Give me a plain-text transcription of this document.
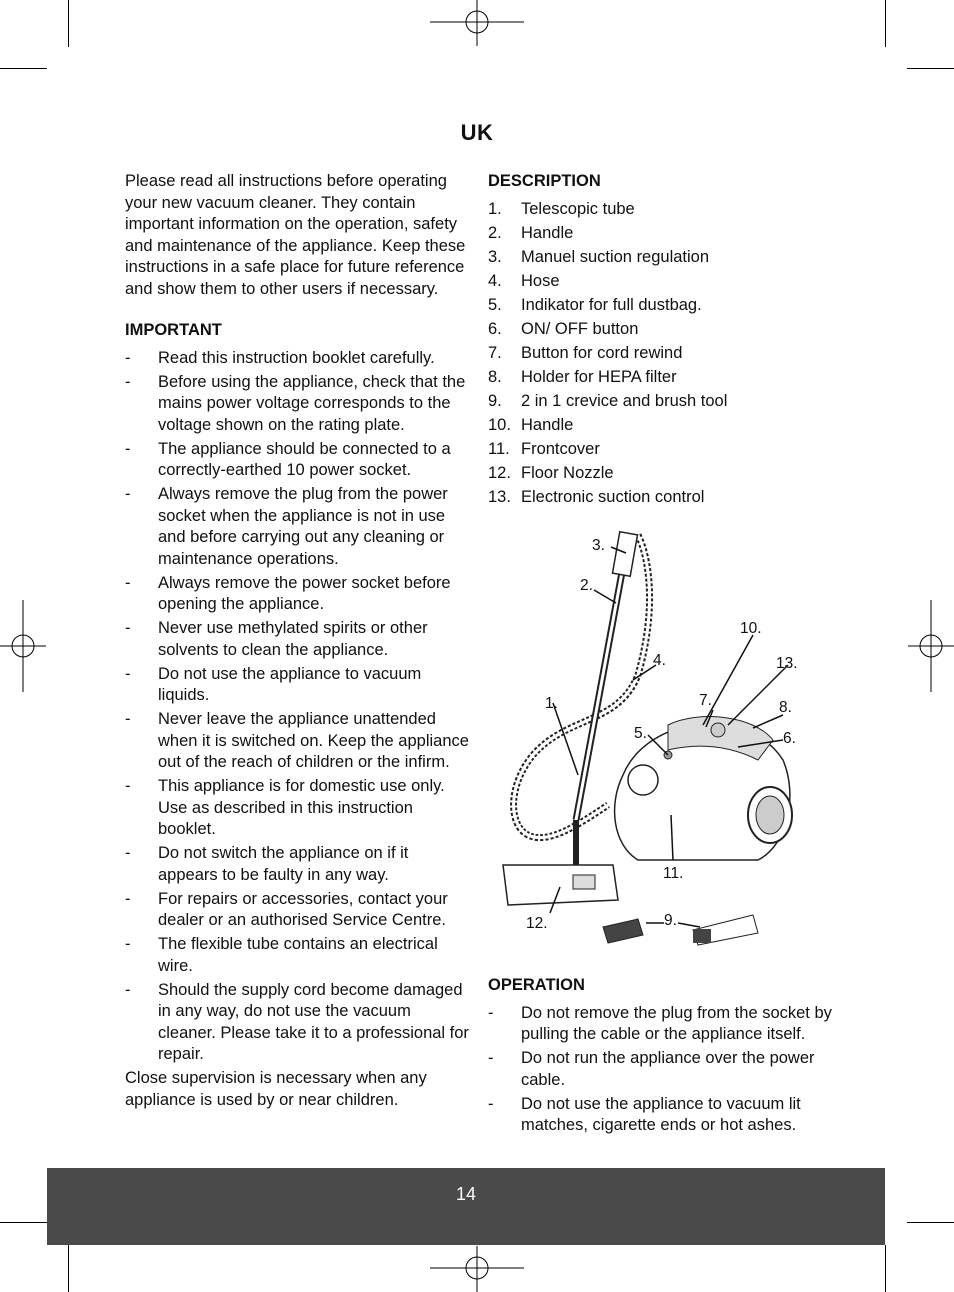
UK

Please read all instructions before operating your new vacuum cleaner. They contain important information on the operation, safety and maintenance of the appliance. Keep these instructions in a safe place for future reference and show them to other users if necessary.

IMPORTANT

- Read this instruction booklet carefully.
- Before using the appliance, check that the mains power voltage corresponds to the voltage shown on the rating plate.
- The appliance should be connected to a correctly-earthed 10 power socket.
- Always remove the plug from the power socket when the appliance is not in use and before carrying out any cleaning or maintenance operations.
- Always remove the power socket before opening the appliance.
- Never use methylated spirits or other solvents to clean the appliance.
- Do not use the appliance to vacuum liquids.
- Never leave the appliance unattended when it is switched on. Keep the appliance out of the reach of children or the infirm.
- This appliance is for domestic use only. Use as described in this instruction booklet.
- Do not switch the appliance on if it appears to be faulty in any way.
- For repairs or accessories, contact your dealer or an authorised Service Centre.
- The flexible tube contains an electrical wire.
- Should the supply cord become damaged in any way, do not use the vacuum cleaner. Please take it to a professional for repair.

Close supervision is necessary when any appliance is used by or near children.

DESCRIPTION

1. Telescopic tube
2. Handle
3. Manuel suction regulation
4. Hose
5. Indikator for full dustbag.
6. ON/ OFF button
7. Button for cord rewind
8. Holder for HEPA filter
9. 2 in 1 crevice and brush tool
10. Handle
11. Frontcover
12. Floor Nozzle
13. Electronic suction control
1.
2.
3.
4.
5.	6.
7.	8.
9.
10.
11.
12.
13.

OPERATION

- Do not remove the plug from the socket by pulling the cable or the appliance itself.
- Do not run the appliance over the power cable.
- Do not use the appliance to vacuum lit matches, cigarette ends or hot ashes.
14
